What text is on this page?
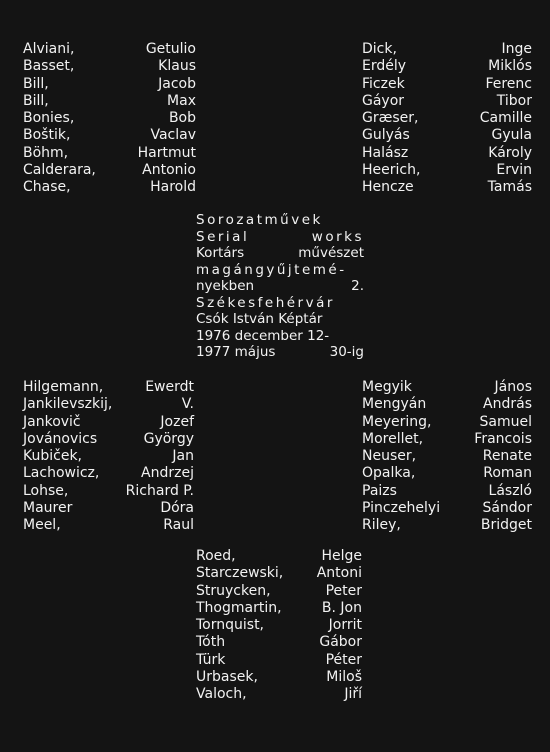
Alviani,	Getulio
Basset,	Klaus
Bill,	Jacob
Bill,	Max
Bonies,	Bob
Boštik,	Vaclav
Böhm,	Hartmut
Calderara,	Antonio
Chase,	Harold
Dick,	Inge
Erdély	Miklós
Ficzek	Ferenc
Gáyor	Tibor
Græser,	Camille
Gulyás	Gyula
Halász	Károly
Heerich,	Ervin
Hencze	Tamás
Sorozatművek
Serial	works
Kortárs	művészet
magángyűjtemé-
nyekben	2.
Székesfehérvár
Csók István Képtár
1976 december 12-
1977 május	30-ig
Hilgemann,	Ewerdt
Jankilevszkij,	V.
Jankovič	Jozef
Jovánovics	György
Kubiček,	Jan
Lachowicz,	Andrzej
Lohse,	Richard P.
Maurer	Dóra
Meel,	Raul
Megyik	János
Mengyán	András
Meyering,	Samuel
Morellet,	Francois
Neuser,	Renate
Opalka,	Roman
Paizs	László
Pinczehelyi	Sándor
Riley,	Bridget
Roed,	Helge
Starczewski, Antoni
Struycken,	Peter
Thogmartin,	B. Jon
Tornquist,	Jorrit
Tóth	Gábor
Türk	Péter
Urbasek,	Miloš
Valoch,	Jiří
